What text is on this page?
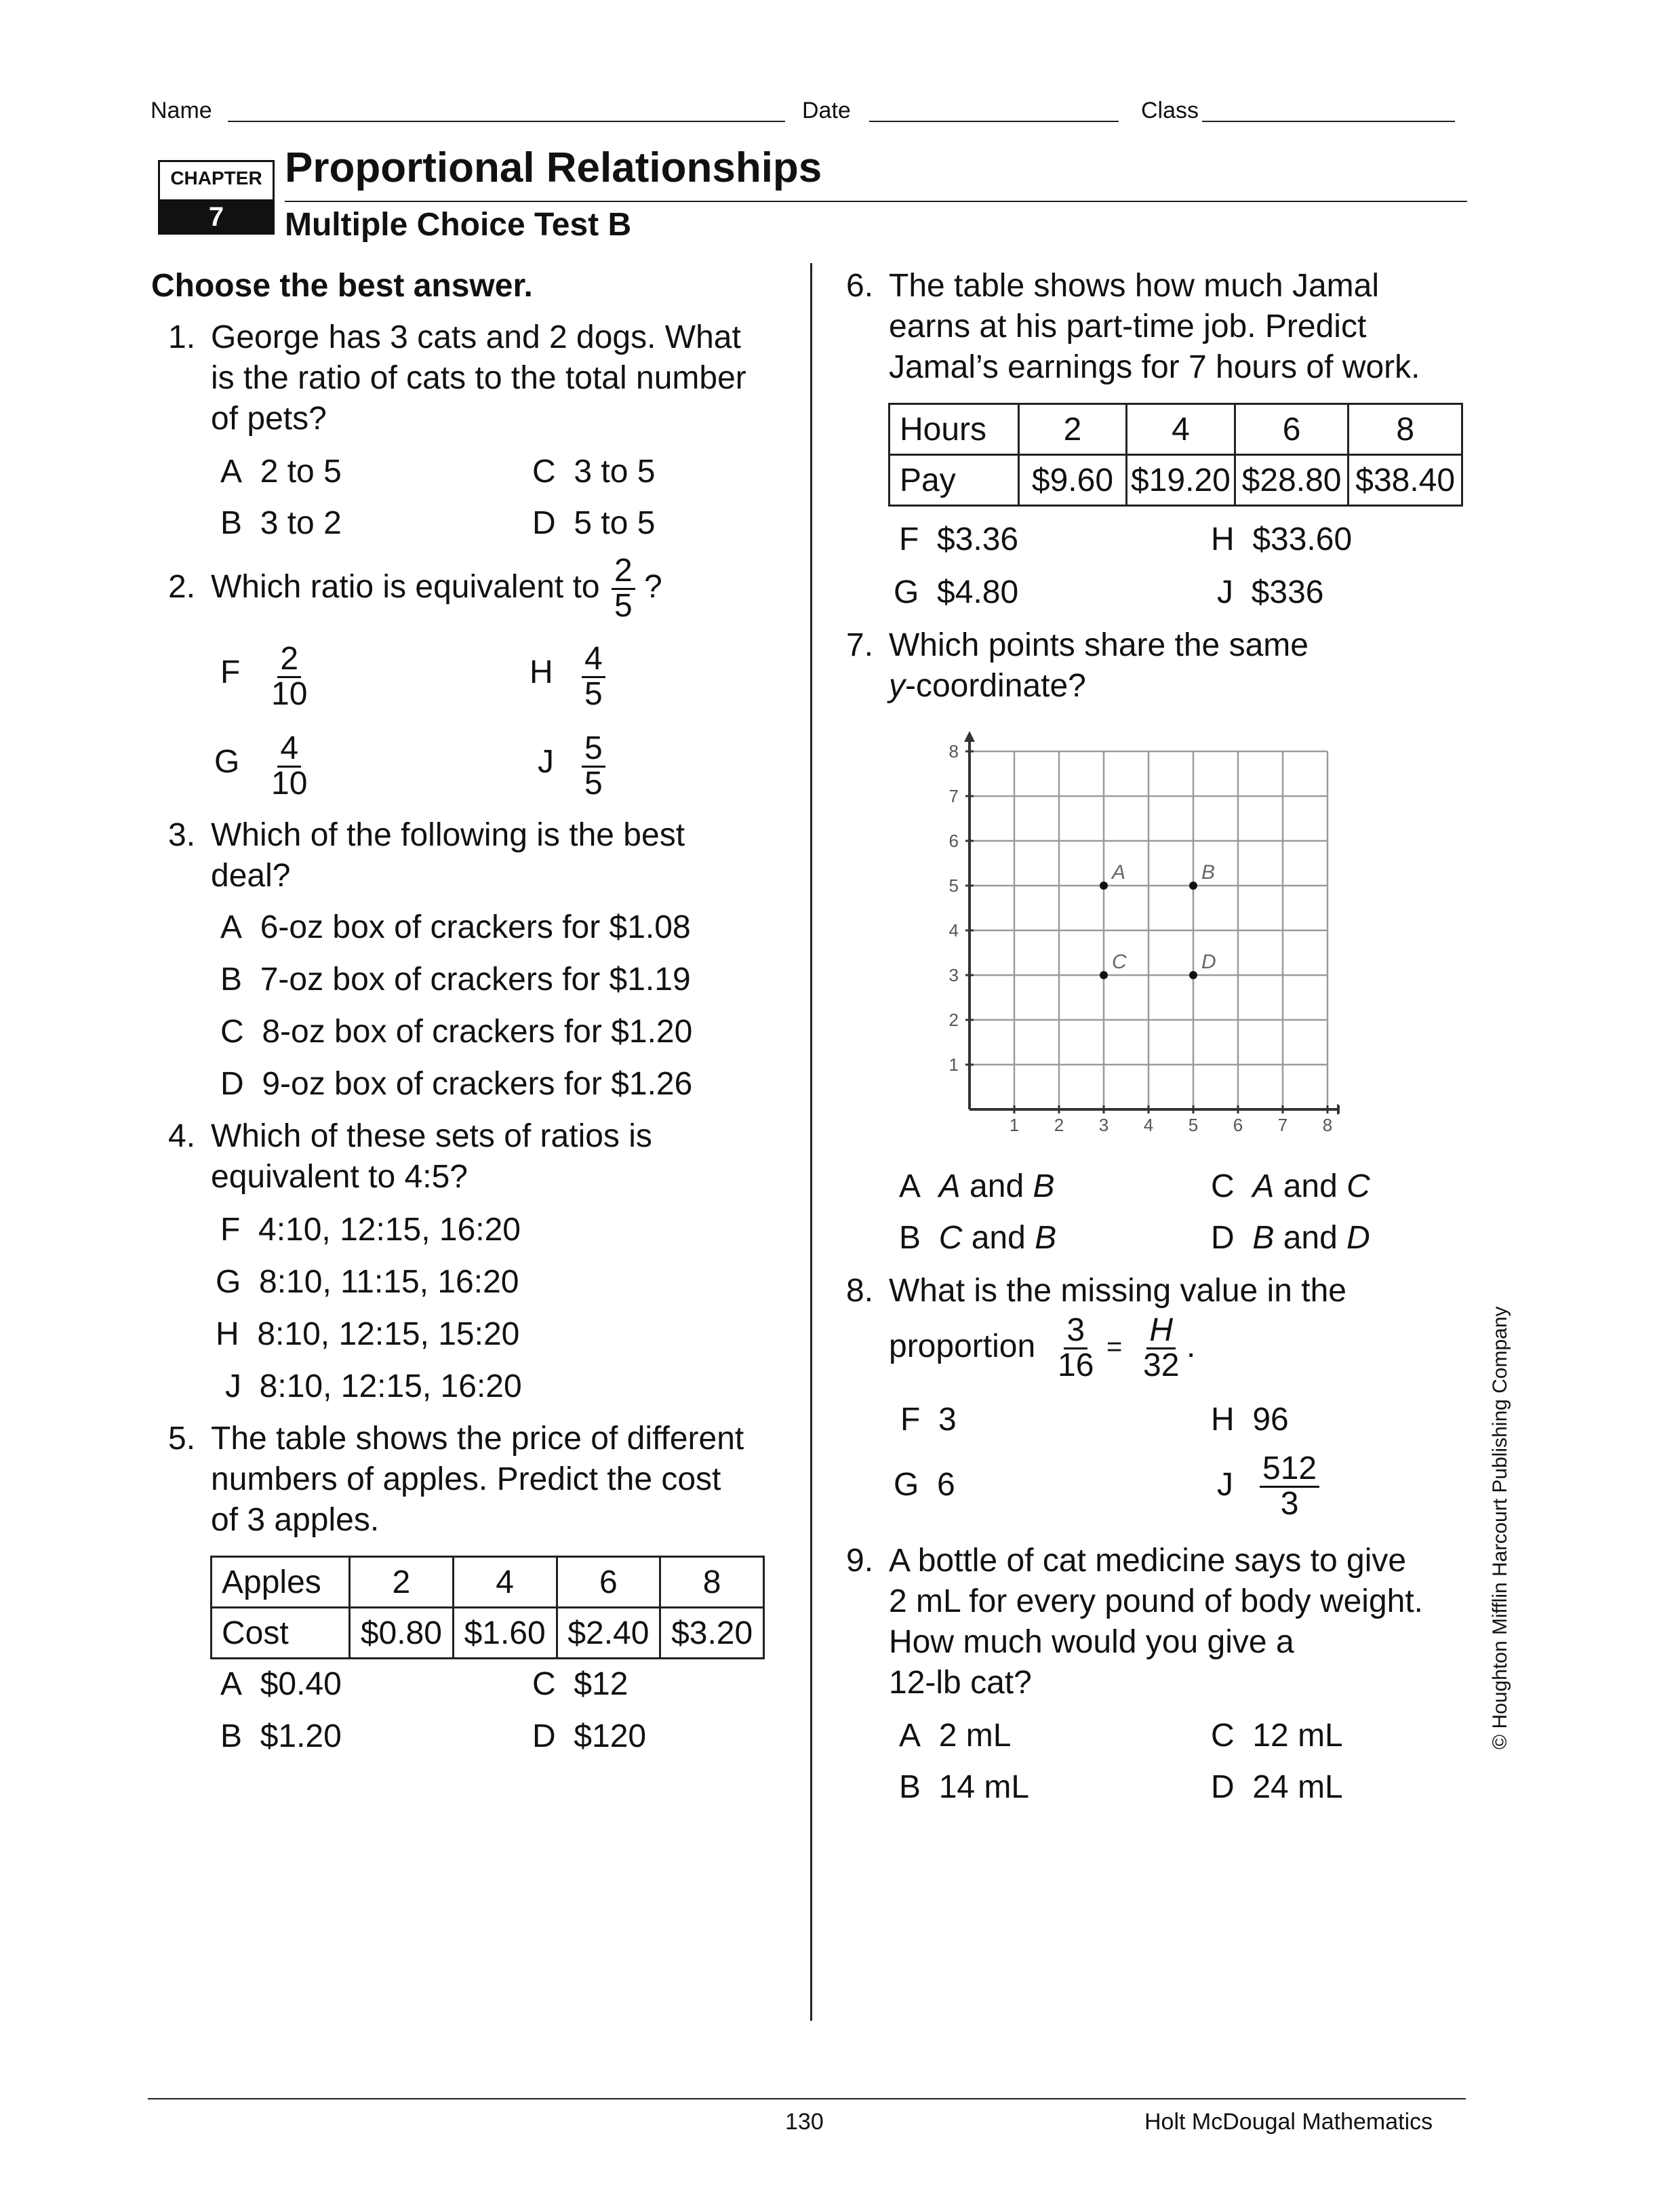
Name	Date	Class
CHAPTER
7
Proportional Relationships
Multiple Choice Test B
Choose the best answer.
1. George has 3 cats and 2 dogs. What
is the ratio of cats to the total number
of pets?
A 2 to 5
B 3 to 2
C 3 to 5
D 5 to 5
2. Which ratio is equivalent to $\frac{2}{5}$ ?
F $\frac{2}{10}$
G $\frac{4}{10}$
H $\frac{4}{5}$
J $\frac{5}{5}$
3. Which of the following is the best
deal?
A 6-oz box of crackers for $1.08
B 7-oz box of crackers for $1.19
C 8-oz box of crackers for $1.20
D 9-oz box of crackers for $1.26
4. Which of these sets of ratios is
equivalent to 4:5?
F 4:10, 12:15, 16:20
G 8:10, 11:15, 16:20
H 8:10, 12:15, 15:20
J 8:10, 12:15, 16:20
5. The table shows the price of different
numbers of apples. Predict the cost
of 3 apples.
Apples	2	4	6	8
Cost	$0.80	$1.60	$2.40	$3.20
A $0.40
B $1.20
C $12
D $120
6. The table shows how much Jamal
earns at his part-time job. Predict
Jamal’s earnings for 7 hours of work.
Hours	2	4	6	8
Pay	$9.60	$19.20	$28.80	$38.40
F $3.36
G $4.80
H $33.60
J $336
7. Which points share the same
y-coordinate?
1 2 3 4 5 6 7 8
1
2
3
4
5
6
7
8
A	B
C	D
A A and B
B C and B
C A and C
D B and D
8. What is the missing value in the
proportion $\frac{3}{16} = \frac{H}{32}$ .
F 3
G 6
H 96
J $\frac{512}{3}$
9. A bottle of cat medicine says to give
2 mL for every pound of body weight.
How much would you give a
12-lb cat?
A 2 mL
B 14 mL
C 12 mL
D 24 mL
© Houghton Mifflin Harcourt Publishing Company
130	Holt McDougal Mathematics
